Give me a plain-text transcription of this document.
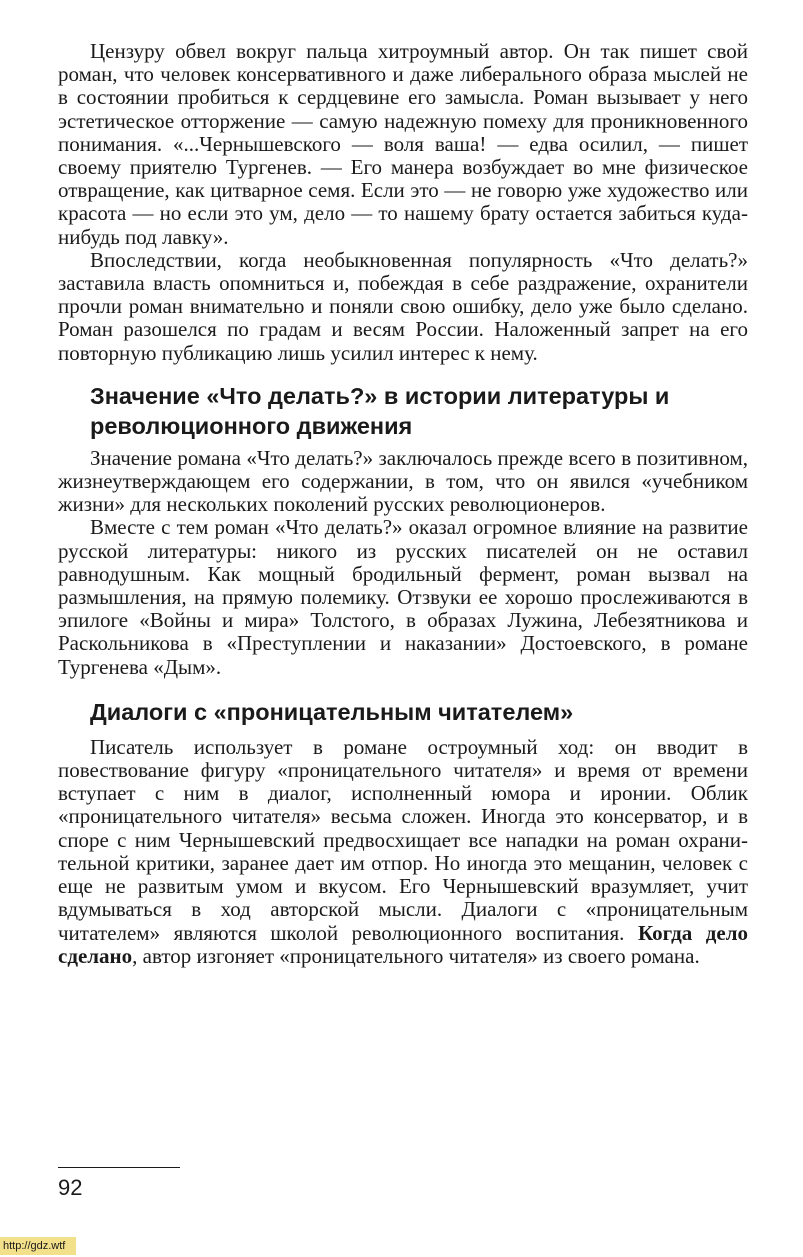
Цензуру обвел вокруг пальца хитроумный автор. Он так пишет свой роман, что человек консервативного и даже либерального образа мыслей не в состоянии пробиться к сердцевине его замысла. Роман вызывает у него эстетическое отторжение — самую надежную помеху для проникновенного понимания. «...Чернышевского — воля ваша! — едва осилил, — пишет своему приятелю Тургенев. — Его манера возбуждает во мне физическое отвращение, как цитварное семя. Если это — не говорю уже художество или красота — но если это ум, дело — то нашему брату остается забиться куда-нибудь под лавку».

Впоследствии, когда необыкновенная популярность «Что делать?» заставила власть опомниться и, побеждая в себе раздражение, охранители прочли роман внимательно и поняли свою ошибку, дело уже было сделано. Роман разошелся по градам и весям России. Наложенный запрет на его повторную публикацию лишь усилил интерес к нему.

Значение «Что делать?» в истории литературы и революционного движения

Значение романа «Что делать?» заключалось прежде всего в позитивном, жизнеутверждающем его содержании, в том, что он явился «учебником жизни» для нескольких поколений русских революционеров.

Вместе с тем роман «Что делать?» оказал огромное влияние на развитие русской литературы: никого из русских писателей он не оставил равнодушным. Как мощный бродильный фермент, роман вызвал на размышления, на прямую полемику. Отзвуки ее хорошо прослеживаются в эпилоге «Войны и мира» Толстого, в образах Лужина, Лебезятникова и Раскольникова в «Преступлении и наказании» Достоевского, в романе Тургенева «Дым».

Диалоги с «проницательным читателем»

Писатель использует в романе остроумный ход: он вводит в повествование фигуру «проницательного читателя» и время от времени вступает с ним в диалог, исполненный юмора и иронии. Облик «проницательного читателя» весьма сложен. Иногда это консерватор, и в споре с ним Чернышевский предвосхищает все нападки на роман охранительной критики, заранее дает им отпор. Но иногда это мещанин, человек с еще не развитым умом и вкусом. Его Чернышевский вразумляет, учит вдумываться в ход авторской мысли. Диалоги с «проницательным читателем» являются школой революционного воспитания. Когда дело сделано, автор изгоняет «проницательного читателя» из своего романа.

92
http://gdz.wtf
